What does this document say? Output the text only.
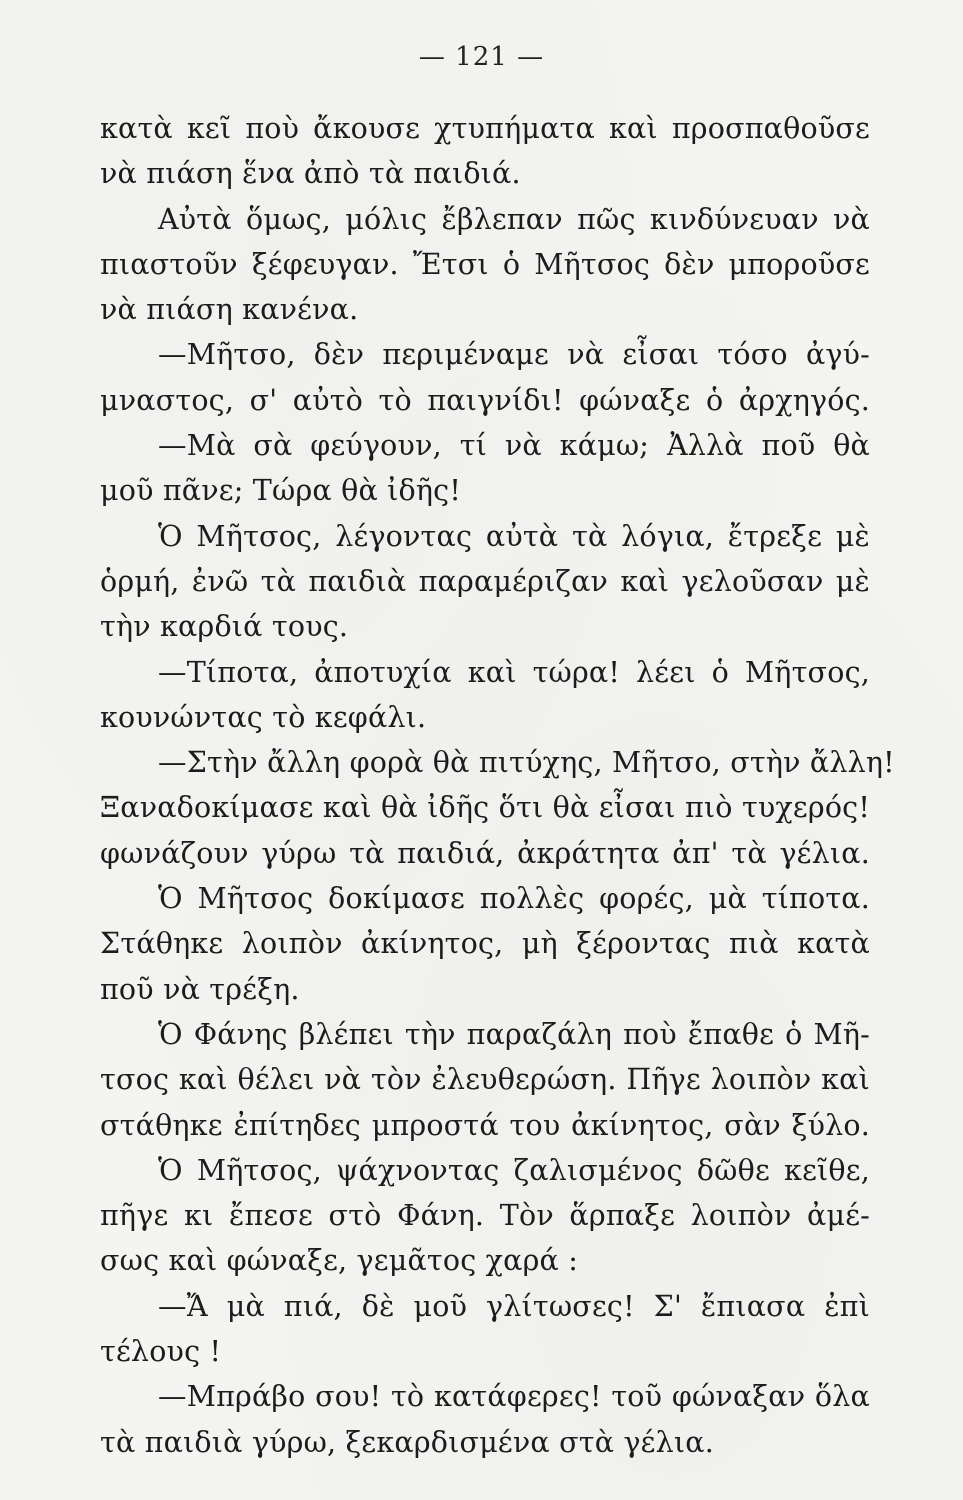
— 121 —
κατὰ κεῖ ποὺ ἄκουσε χτυπήματα καὶ προσπαθοῦσε
νὰ πιάση ἕνα ἀπὸ τὰ παιδιά.
Αὐτὰ ὅμως, μόλις ἔβλεπαν πῶς κινδύνευαν νὰ
πιαστοῦν ξέφευγαν. Ἔτσι ὁ Μῆτσος δὲν μποροῦσε
νὰ πιάση κανένα.
—Μῆτσο, δὲν περιμέναμε νὰ εἶσαι τόσο ἀγύ-
μναστος, σ' αὐτὸ τὸ παιγνίδι! φώναξε ὁ ἀρχηγός.
—Μὰ σὰ φεύγουν, τί νὰ κάμω; Ἀλλὰ ποῦ θὰ
μοῦ πᾶνε; Τώρα θὰ ἰδῆς!
Ὁ Μῆτσος, λέγοντας αὐτὰ τὰ λόγια, ἔτρεξε μὲ
ὁρμή, ἐνῶ τὰ παιδιὰ παραμέριζαν καὶ γελοῦσαν μὲ
τὴν καρδιά τους.
—Τίποτα, ἀποτυχία καὶ τώρα! λέει ὁ Μῆτσος,
κουνώντας τὸ κεφάλι.
—Στὴν ἄλλη φορὰ θὰ πιτύχης, Μῆτσο, στὴν ἄλλη!
Ξαναδοκίμασε καὶ θὰ ἰδῆς ὅτι θὰ εἶσαι πιὸ τυχερός!
φωνάζουν γύρω τὰ παιδιά, ἀκράτητα ἀπ' τὰ γέλια.
Ὁ Μῆτσος δοκίμασε πολλὲς φορές, μὰ τίποτα.
Στάθηκε λοιπὸν ἀκίνητος, μὴ ξέροντας πιὰ κατὰ
ποῦ νὰ τρέξη.
Ὁ Φάνης βλέπει τὴν παραζάλη ποὺ ἔπαθε ὁ Μῆ-
τσος καὶ θέλει νὰ τὸν ἐλευθερώση. Πῆγε λοιπὸν καὶ
στάθηκε ἐπίτηδες μπροστά του ἀκίνητος, σὰν ξύλο.
Ὁ Μῆτσος, ψάχνοντας ζαλισμένος δῶθε κεῖθε,
πῆγε κι ἔπεσε στὸ Φάνη. Τὸν ἅρπαξε λοιπὸν ἀμέ-
σως καὶ φώναξε, γεμᾶτος χαρά :
—Ἄ μὰ πιά, δὲ μοῦ γλίτωσες! Σ' ἔπιασα ἐπὶ
τέλους !
—Μπράβο σου! τὸ κατάφερες! τοῦ φώναξαν ὅλα
τὰ παιδιὰ γύρω, ξεκαρδισμένα στὰ γέλια.
